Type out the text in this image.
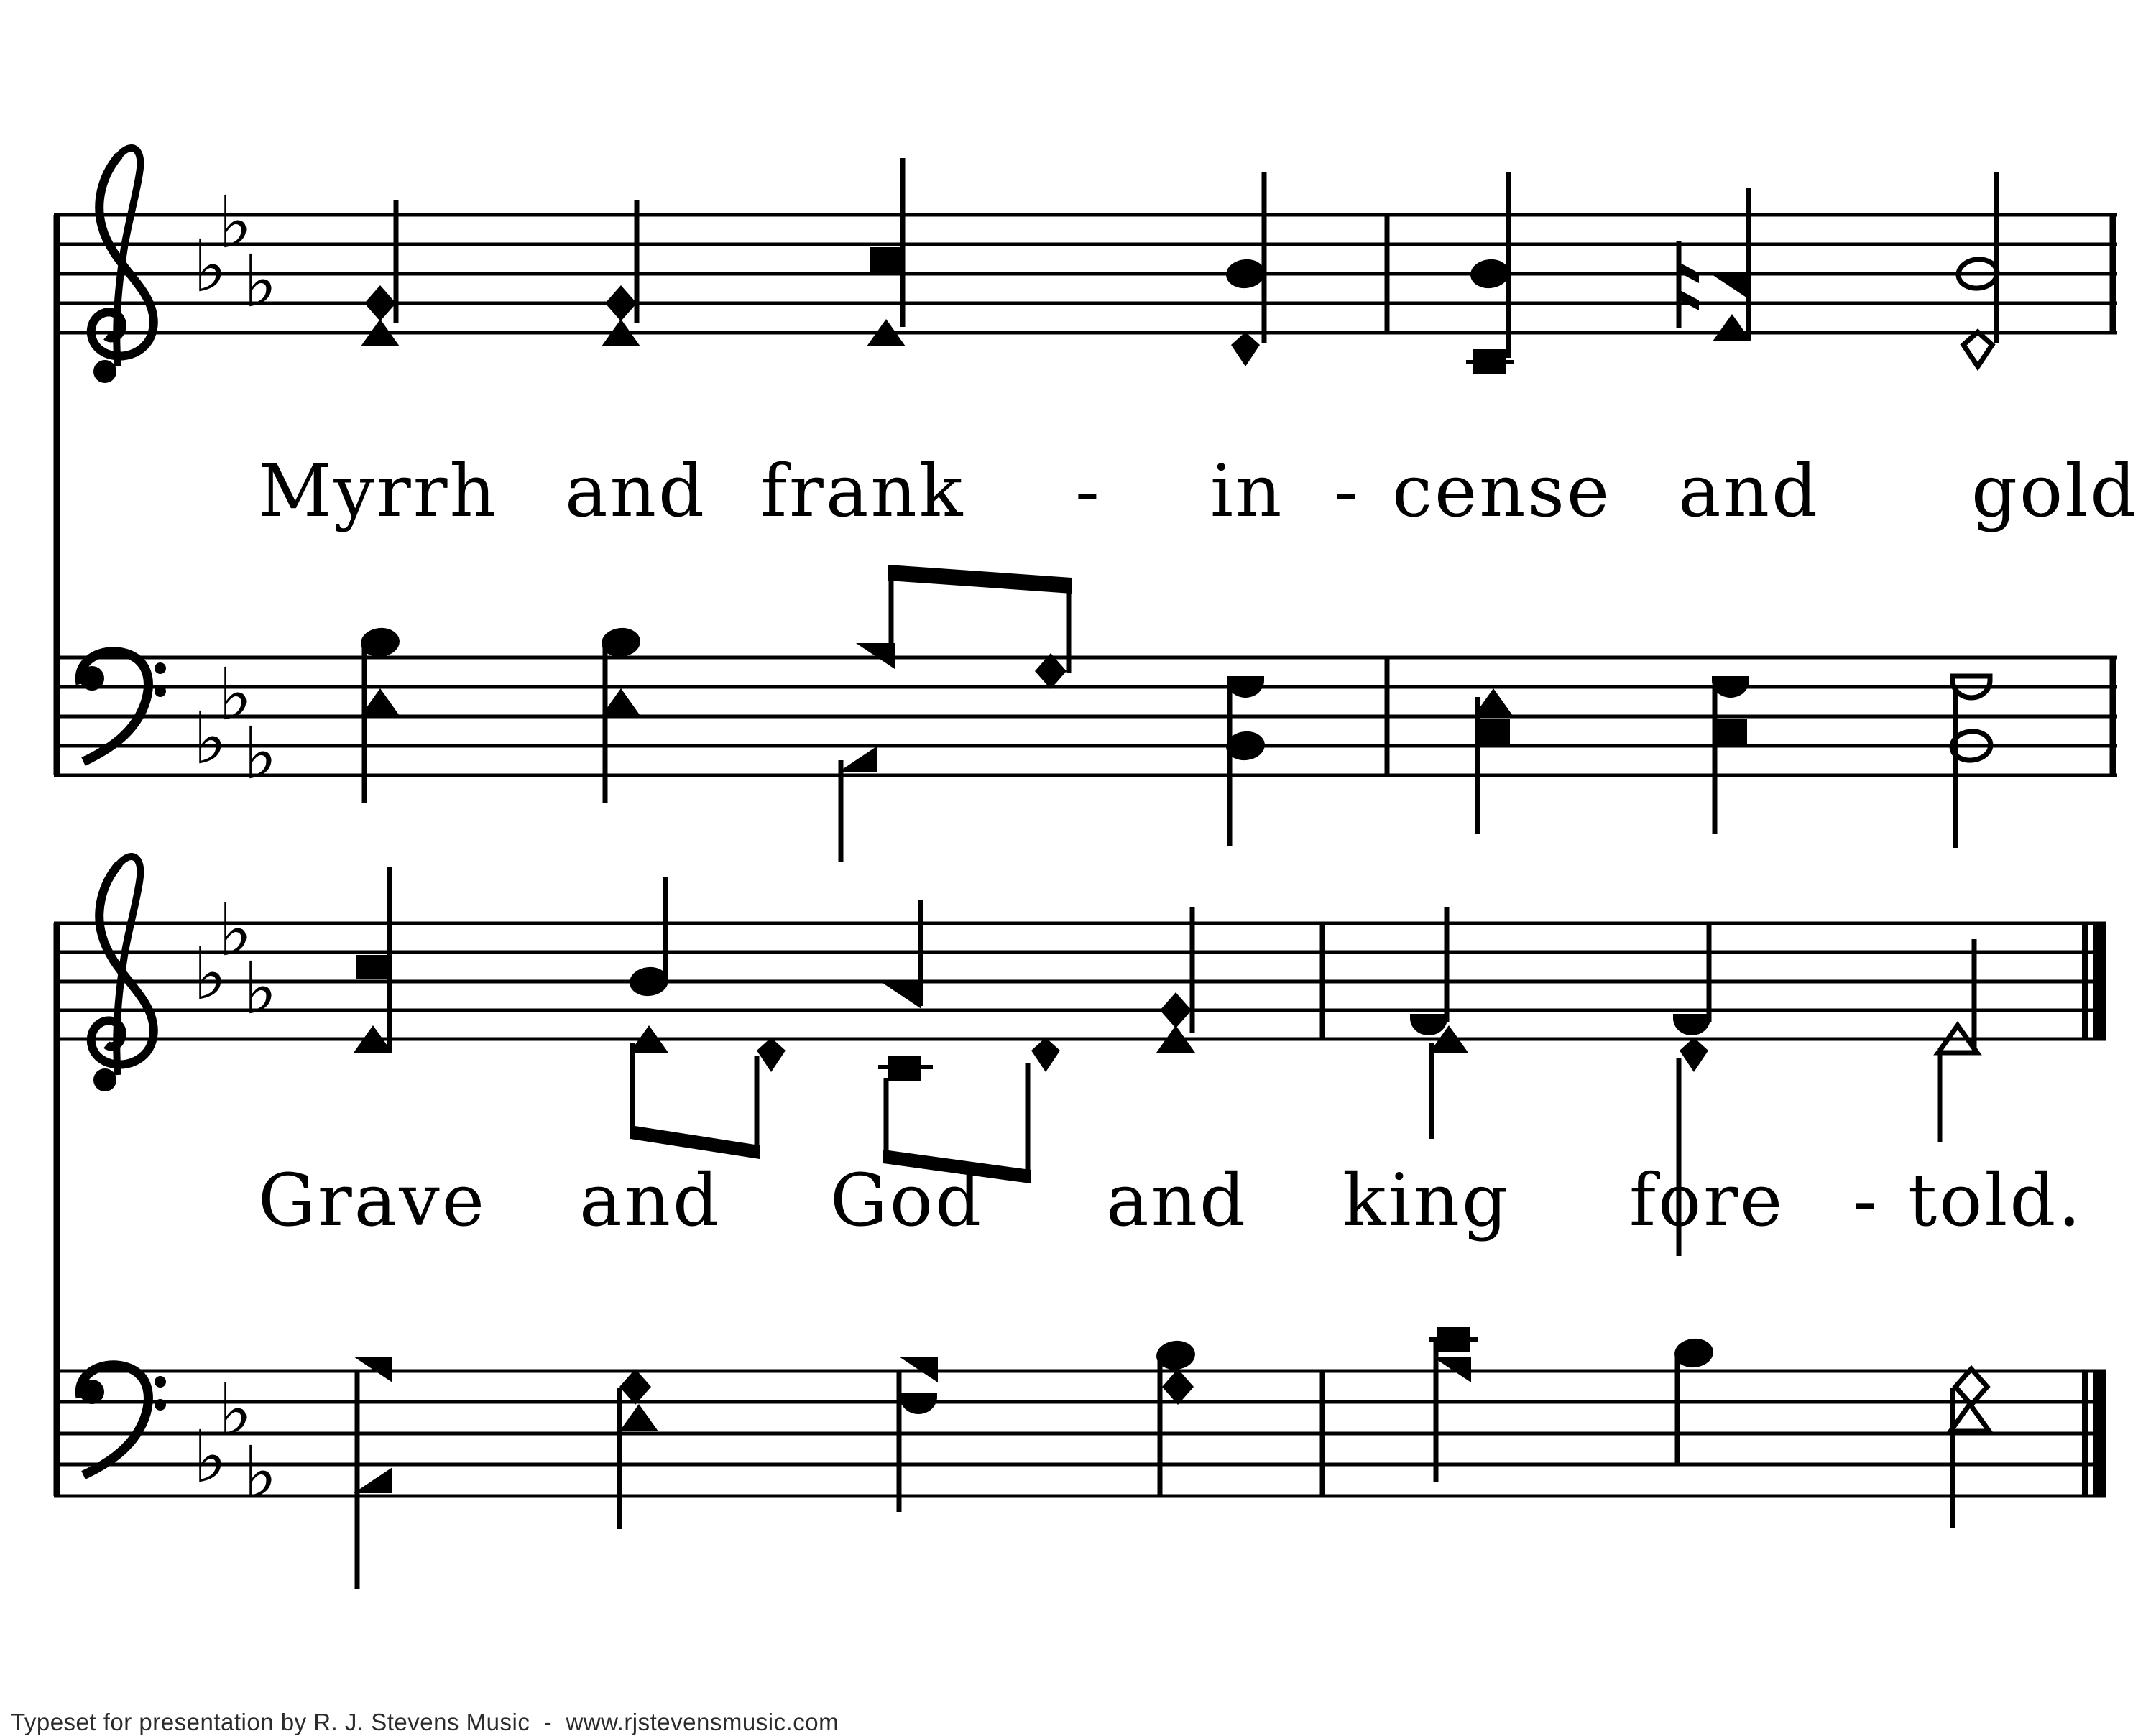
♭
♭
♭
♭
♭
♭
♭
♭
♭
♭
♭
♭
Myrrh and frank - in - cense and gold
Grave and God and king fore - told.
Typeset for presentation by R. J. Stevens Music  -  www.rjstevensmusic.com
